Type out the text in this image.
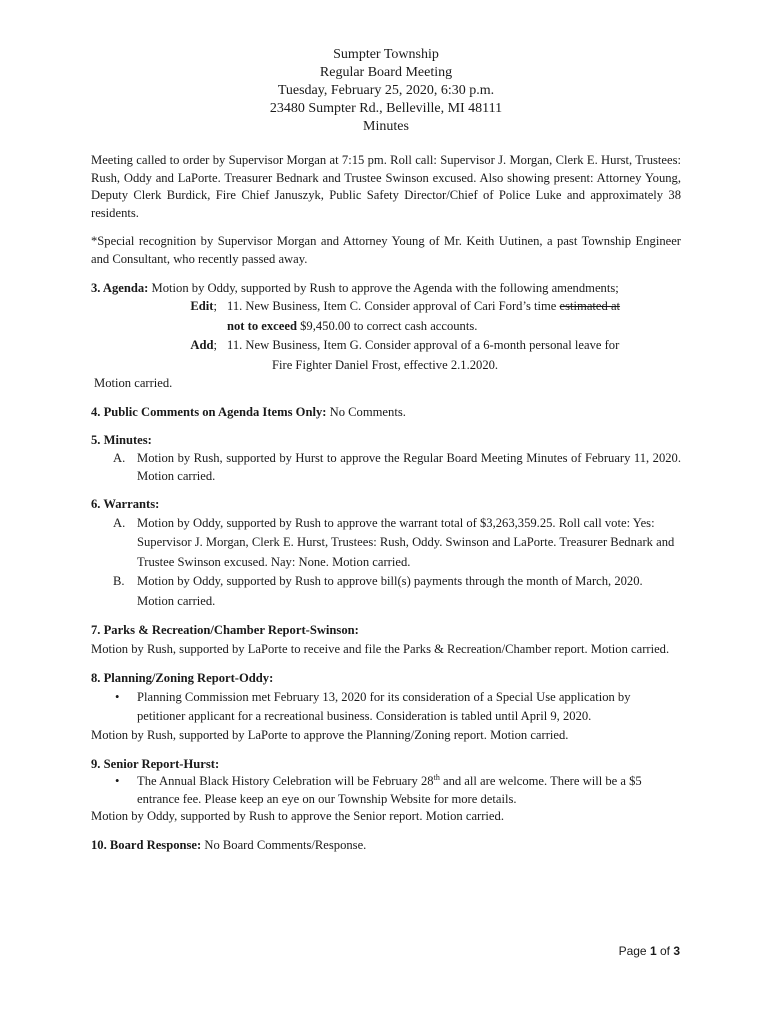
Sumpter Township
Regular Board Meeting
Tuesday, February 25, 2020, 6:30 p.m.
23480 Sumpter Rd., Belleville, MI 48111
Minutes

Meeting called to order by Supervisor Morgan at 7:15 pm. Roll call: Supervisor J. Morgan, Clerk E. Hurst, Trustees: Rush, Oddy and LaPorte. Treasurer Bednark and Trustee Swinson excused. Also showing present: Attorney Young, Deputy Clerk Burdick, Fire Chief Januszyk, Public Safety Director/Chief of Police Luke and approximately 38 residents.

*Special recognition by Supervisor Morgan and Attorney Young of Mr. Keith Uutinen, a past Township Engineer and Consultant, who recently passed away.

3. Agenda: Motion by Oddy, supported by Rush to approve the Agenda with the following amendments;

Edit; 11. New Business, Item C. Consider approval of Cari Ford’s time estimated at
not to exceed $9,450.00 to correct cash accounts.
Add; 11. New Business, Item G. Consider approval of a 6-month personal leave for
Fire Fighter Daniel Frost, effective 2.1.2020.

Motion carried.

4. Public Comments on Agenda Items Only: No Comments.

5. Minutes:

A. Motion by Rush, supported by Hurst to approve the Regular Board Meeting Minutes of February 11, 2020. Motion carried.

6. Warrants:

A. Motion by Oddy, supported by Rush to approve the warrant total of $3,263,359.25. Roll call vote: Yes: Supervisor J. Morgan, Clerk E. Hurst, Trustees: Rush, Oddy. Swinson and LaPorte. Treasurer Bednark and Trustee Swinson excused. Nay: None. Motion carried.
B. Motion by Oddy, supported by Rush to approve bill(s) payments through the month of March, 2020. Motion carried.

7. Parks & Recreation/Chamber Report-Swinson:

Motion by Rush, supported by LaPorte to receive and file the Parks & Recreation/Chamber report. Motion carried.

8. Planning/Zoning Report-Oddy:

• Planning Commission met February 13, 2020 for its consideration of a Special Use application by petitioner applicant for a recreational business. Consideration is tabled until April 9, 2020.

Motion by Rush, supported by LaPorte to approve the Planning/Zoning report. Motion carried.

9. Senior Report-Hurst:

• The Annual Black History Celebration will be February 28th and all are welcome. There will be a $5 entrance fee. Please keep an eye on our Township Website for more details.

Motion by Oddy, supported by Rush to approve the Senior report. Motion carried.

10. Board Response: No Board Comments/Response.

Page 1 of 3
